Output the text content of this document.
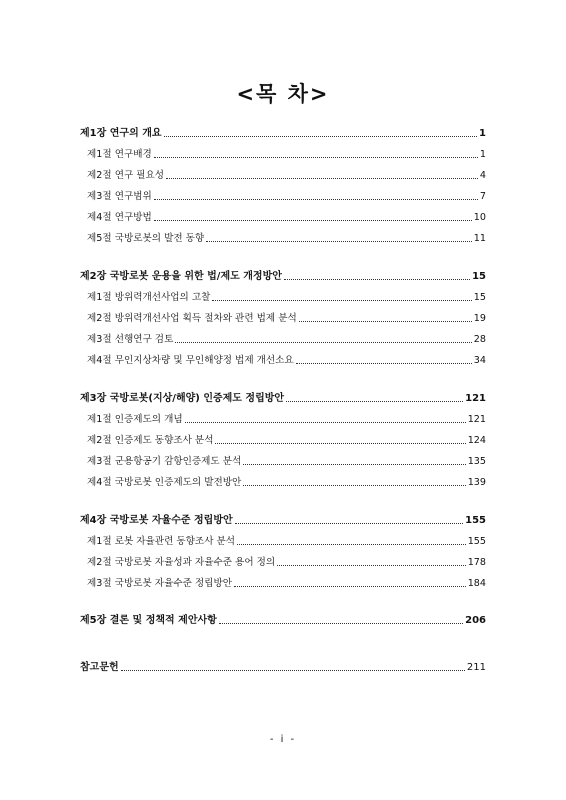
<목 차>
제1장 연구의 개요	1
제1절 연구배경	1
제2절 연구 필요성	4
제3절 연구범위	7
제4절 연구방법	10
제5절 국방로봇의 발전 동향	11
제2장 국방로봇 운용을 위한 법/제도 개정방안	15
제1절 방위력개선사업의 고찰	15
제2절 방위력개선사업 획득 절차와 관련 법제 분석	19
제3절 선행연구 검토	28
제4절 무인지상차량 및 무인해양정 법제 개선소요	34
제3장 국방로봇(지상/해양) 인증제도 정립방안	121
제1절 인증제도의 개념	121
제2절 인증제도 동향조사 분석	124
제3절 군용항공기 감항인증제도 분석	135
제4절 국방로봇 인증제도의 발전방안	139
제4장 국방로봇 자율수준 정립방안	155
제1절 로봇 자율관련 동향조사 분석	155
제2절 국방로봇 자율성과 자율수준 용어 정의	178
제3절 국방로봇 자율수준 정립방안	184
제5장 결론 및 정책적 제안사항	206
참고문헌	211
- i -
